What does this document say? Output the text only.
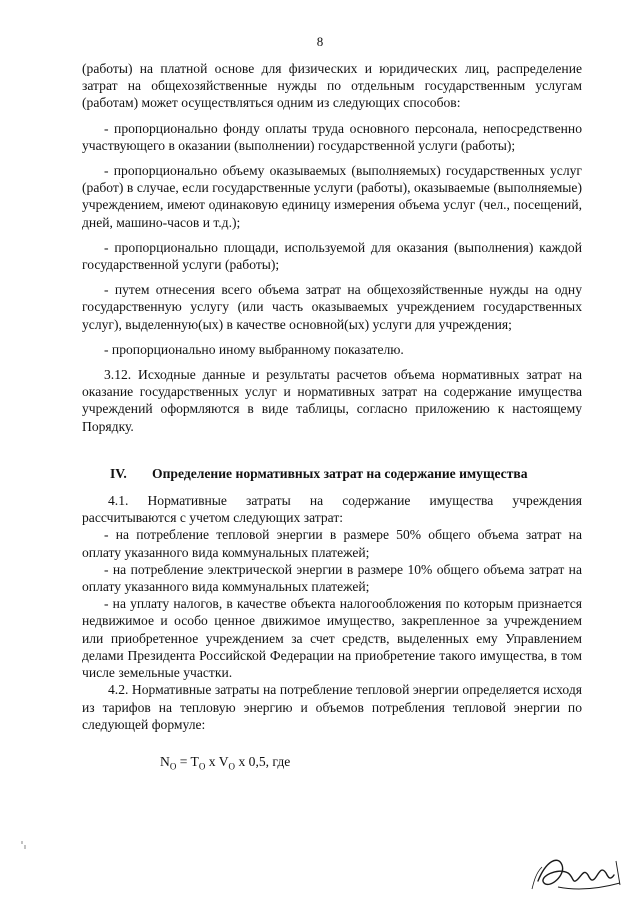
8

(работы) на платной основе для физических и юридических лиц, распределение затрат на общехозяйственные нужды по отдельным государственным услугам (работам) может осуществляться одним из следующих способов:

- пропорционально фонду оплаты труда основного персонала, непосредственно участвующего в оказании (выполнении) государственной услуги (работы);

- пропорционально объему оказываемых (выполняемых) государственных услуг (работ) в случае, если государственные услуги (работы), оказываемые (выполняемые) учреждением, имеют одинаковую единицу измерения объема услуг (чел., посещений, дней, машино-часов и т.д.);

- пропорционально площади, используемой для оказания (выполнения) каждой государственной услуги (работы);

- путем отнесения всего объема затрат на общехозяйственные нужды на одну государственную услугу (или часть оказываемых учреждением государственных услуг), выделенную(ых) в качестве основной(ых) услуги для учреждения;

- пропорционально иному выбранному показателю.

3.12. Исходные данные и результаты расчетов объема нормативных затрат на оказание государственных услуг и нормативных затрат на содержание имущества учреждений оформляются в виде таблицы, согласно приложению к настоящему Порядку.

IV. Определение нормативных затрат на содержание имущества

4.1. Нормативные затраты на содержание имущества учреждения рассчитываются с учетом следующих затрат:

- на потребление тепловой энергии в размере 50% общего объема затрат на оплату указанного вида коммунальных платежей;

- на потребление электрической энергии в размере 10% общего объема затрат на оплату указанного вида коммунальных платежей;

- на уплату налогов, в качестве объекта налогообложения по которым признается недвижимое и особо ценное движимое имущество, закрепленное за учреждением или приобретенное учреждением за счет средств, выделенных ему Управлением делами Президента Российской Федерации на приобретение такого имущества, в том числе земельные участки.

4.2. Нормативные затраты на потребление тепловой энергии определяется исходя из тарифов на тепловую энергию и объемов потребления тепловой энергии по следующей формуле:

$N_O = T_O$ x $V_O$ x 0,5, где
